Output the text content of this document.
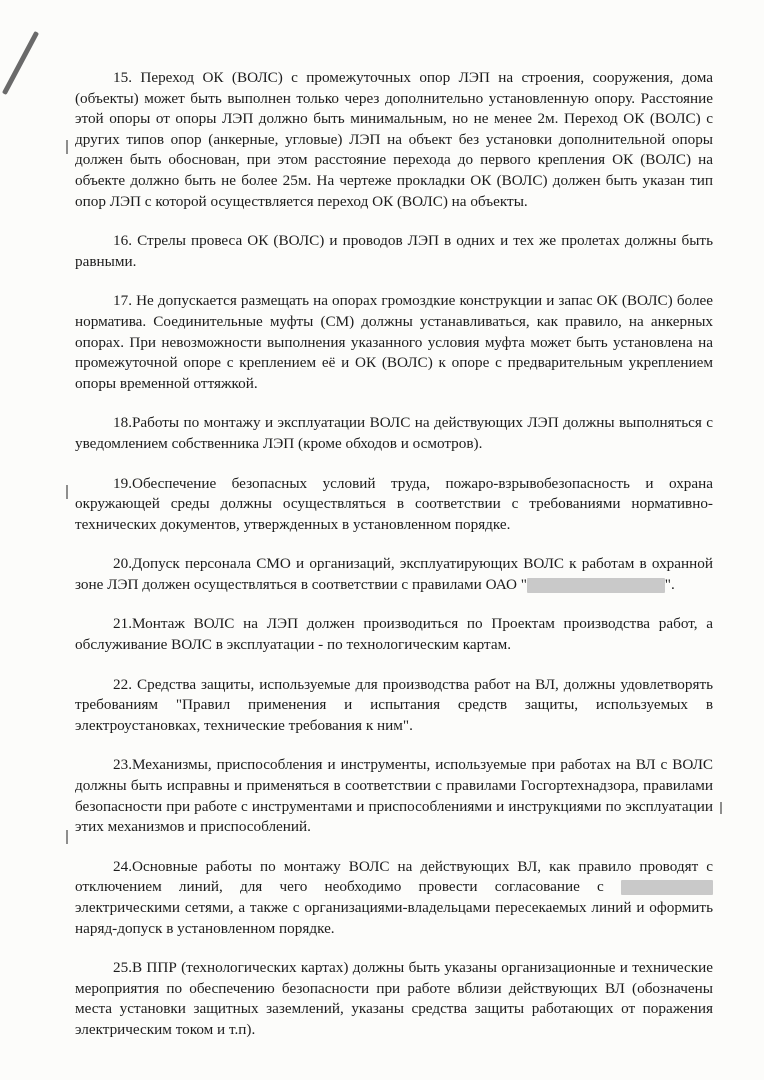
15. Переход ОК (ВОЛС) с промежуточных опор ЛЭП на строения, сооружения, дома (объекты) может быть выполнен только через дополнительно установленную опору. Расстояние этой опоры от опоры ЛЭП должно быть минимальным, но не менее 2м. Переход ОК (ВОЛС) с других типов опор (анкерные, угловые) ЛЭП на объект без установки дополнительной опоры должен быть обоснован, при этом расстояние перехода до первого крепления ОК (ВОЛС) на объекте должно быть не более 25м. На чертеже прокладки ОК (ВОЛС) должен быть указан тип опор ЛЭП с которой осуществляется переход ОК (ВОЛС) на объекты.

16. Стрелы провеса ОК (ВОЛС) и проводов ЛЭП в одних и тех же пролетах должны быть равными.

17. Не допускается размещать на опорах громоздкие конструкции и запас ОК (ВОЛС) более норматива. Соединительные муфты (СМ) должны устанавливаться, как правило, на анкерных опорах. При невозможности выполнения указанного условия муфта может быть установлена на промежуточной опоре с креплением её и ОК (ВОЛС) к опоре с предварительным укреплением опоры временной оттяжкой.

18.Работы по монтажу и эксплуатации ВОЛС на действующих ЛЭП должны выполняться с уведомлением собственника ЛЭП (кроме обходов и осмотров).

19.Обеспечение безопасных условий труда, пожаро-взрывобезопасность и охрана окружающей среды должны осуществляться в соответствии с требованиями нормативно-технических документов, утвержденных в установленном порядке.

20.Допуск персонала СМО и организаций, эксплуатирующих ВОЛС к работам в охранной зоне ЛЭП должен осуществляться в соответствии с правилами ОАО "	".

21.Монтаж ВОЛС на ЛЭП должен производиться по Проектам производства работ, а обслуживание ВОЛС в эксплуатации - по технологическим картам.

22. Средства защиты, используемые для производства работ на ВЛ, должны удовлетворять требованиям "Правил применения и испытания средств защиты, используемых в электроустановках, технические требования к ним".

23.Механизмы, приспособления и инструменты, используемые при работах на ВЛ с ВОЛС должны быть исправны и применяться в соответствии с правилами Госгортехнадзора, правилами безопасности при работе с инструментами и приспособлениями и инструкциями по эксплуатации этих механизмов и приспособлений.

24.Основные работы по монтажу ВОЛС на действующих ВЛ, как правило проводят с отключением линий, для чего необходимо провести согласование с  электрическими сетями, а также с организациями-владельцами пересекаемых линий и оформить наряд-допуск в установленном порядке.

25.В ППР (технологических картах) должны быть указаны организационные и технические мероприятия по обеспечению безопасности при работе вблизи действующих ВЛ (обозначены места установки защитных заземлений, указаны средства защиты работающих от поражения электрическим током и т.п).
